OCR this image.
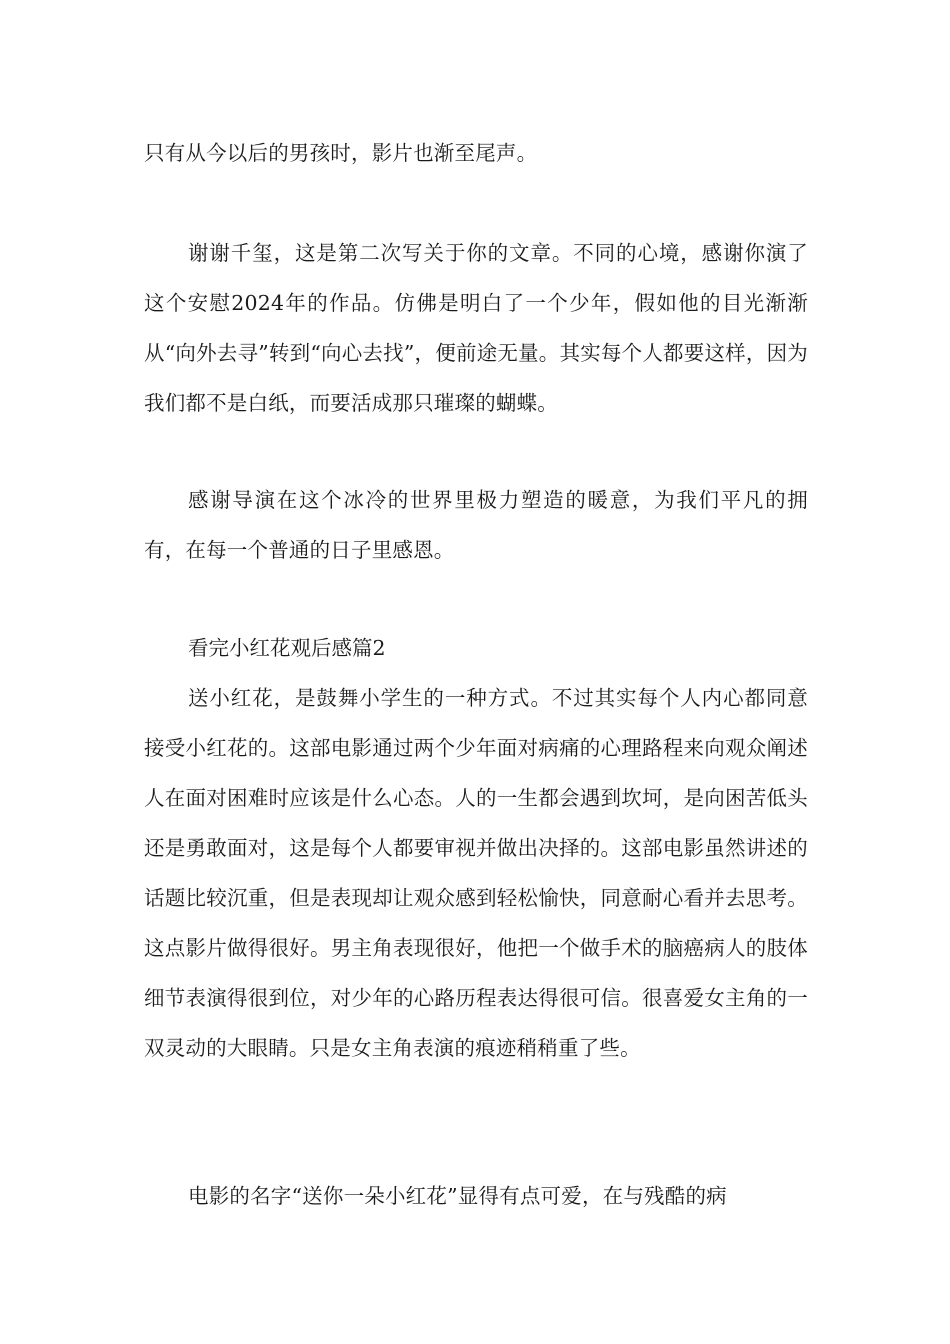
只有从今以后的男孩时，影片也渐至尾声。

谢谢千玺，这是第二次写关于你的文章。不同的心境，感谢你演了这个安慰2024年的作品。仿佛是明白了一个少年，假如他的目光渐渐从“向外去寻”转到“向心去找”，便前途无量。其实每个人都要这样，因为我们都不是白纸，而要活成那只璀璨的蝴蝶。

感谢导演在这个冰冷的世界里极力塑造的暖意，为我们平凡的拥有，在每一个普通的日子里感恩。

看完小红花观后感篇2

送小红花，是鼓舞小学生的一种方式。不过其实每个人内心都同意接受小红花的。这部电影通过两个少年面对病痛的心理路程来向观众阐述人在面对困难时应该是什么心态。人的一生都会遇到坎坷，是向困苦低头还是勇敢面对，这是每个人都要审视并做出决择的。这部电影虽然讲述的话题比较沉重，但是表现却让观众感到轻松愉快，同意耐心看并去思考。这点影片做得很好。男主角表现很好，他把一个做手术的脑癌病人的肢体细节表演得很到位，对少年的心路历程表达得很可信。很喜爱女主角的一双灵动的大眼睛。只是女主角表演的痕迹稍稍重了些。

电影的名字“送你一朵小红花”显得有点可爱，在与残酷的病
